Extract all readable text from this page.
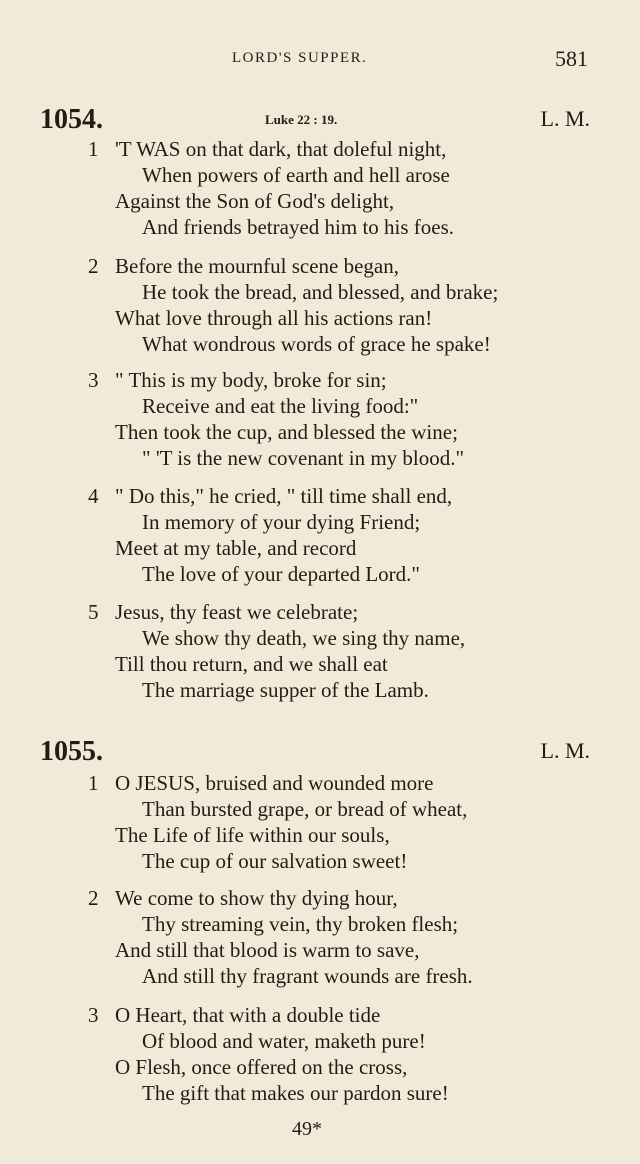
LORD'S SUPPER.	581
1054.	Luke 22 : 19.	L. M.
1 'T WAS on that dark, that doleful night,
When powers of earth and hell arose
Against the Son of God's delight,
And friends betrayed him to his foes.
2 Before the mournful scene began,
He took the bread, and blessed, and brake;
What love through all his actions ran!
What wondrous words of grace he spake!
3 " This is my body, broke for sin;
Receive and eat the living food:"
Then took the cup, and blessed the wine;
" 'T is the new covenant in my blood."
4 " Do this," he cried, " till time shall end,
In memory of your dying Friend;
Meet at my table, and record
The love of your departed Lord."
5 Jesus, thy feast we celebrate;
We show thy death, we sing thy name,
Till thou return, and we shall eat
The marriage supper of the Lamb.
1055.	L. M.
1 O JESUS, bruised and wounded more
Than bursted grape, or bread of wheat,
The Life of life within our souls,
The cup of our salvation sweet!
2 We come to show thy dying hour,
Thy streaming vein, thy broken flesh;
And still that blood is warm to save,
And still thy fragrant wounds are fresh.
3 O Heart, that with a double tide
Of blood and water, maketh pure!
O Flesh, once offered on the cross,
The gift that makes our pardon sure!
49*
